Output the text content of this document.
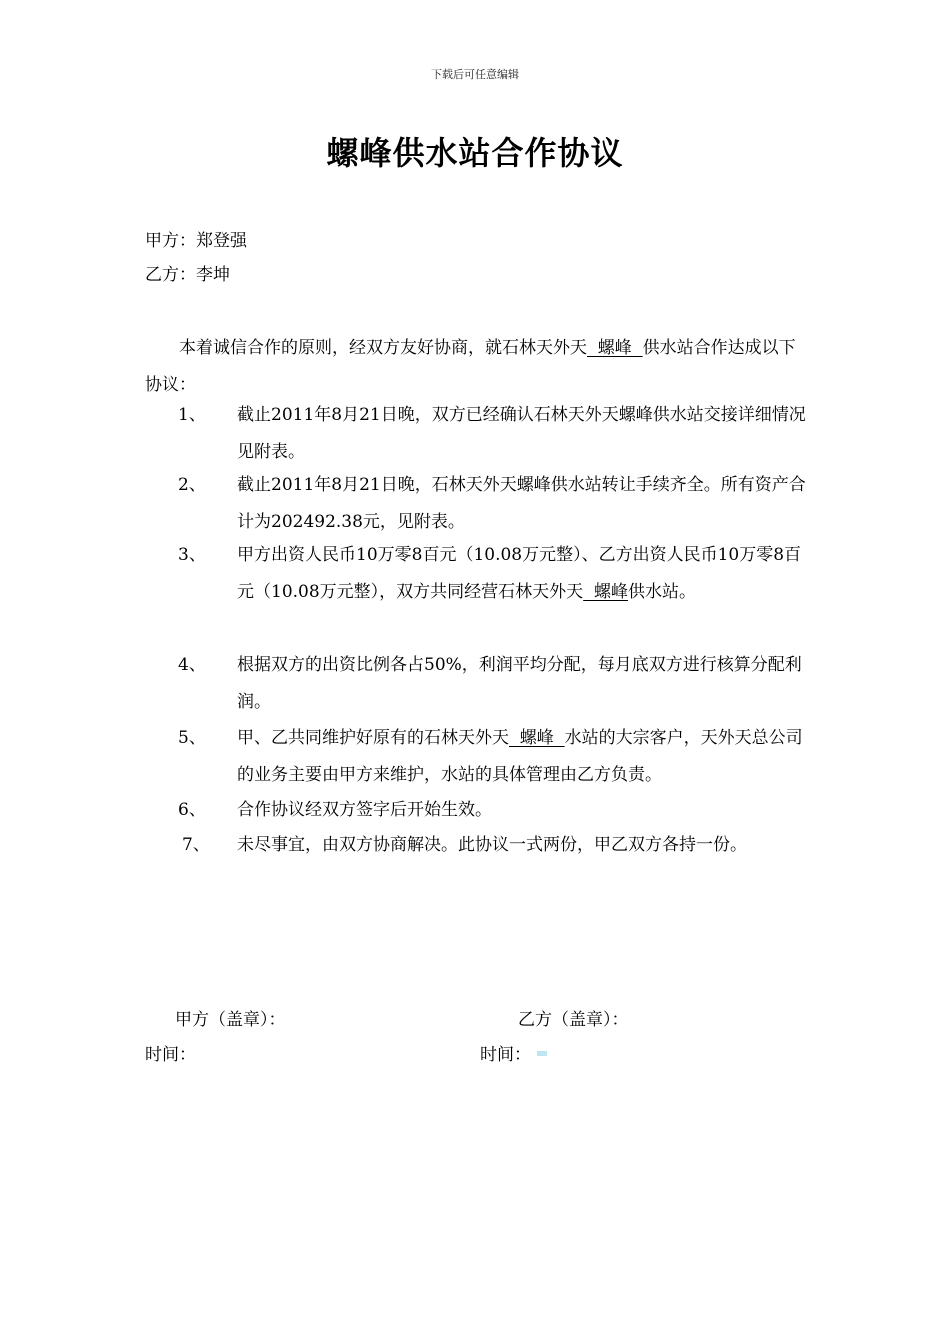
下载后可任意编辑
螺峰供水站合作协议
甲方：郑登强
乙方：李坤
本着诚信合作的原则，经双方友好协商，就石林天外天  螺峰  供水站合作达成以下协议：
1、	截止2011年8月21日晚，双方已经确认石林天外天螺峰供水站交接详细情况见附表。
2、	截止2011年8月21日晚，石林天外天螺峰供水站转让手续齐全。所有资产合计为202492.38元，见附表。
3、	甲方出资人民币10万零8百元（10.08万元整）、乙方出资人民币10万零8百元（10.08万元整），双方共同经营石林天外天  螺峰供水站。
4、	根据双方的出资比例各占50%，利润平均分配，每月底双方进行核算分配利润。
5、	甲、乙共同维护好原有的石林天外天  螺峰  水站的大宗客户，天外天总公司的业务主要由甲方来维护，水站的具体管理由乙方负责。
6、	合作协议经双方签字后开始生效。
7、	未尽事宜，由双方协商解决。此协议一式两份，甲乙双方各持一份。
甲方（盖章）：	乙方（盖章）：
时间：	时间：
